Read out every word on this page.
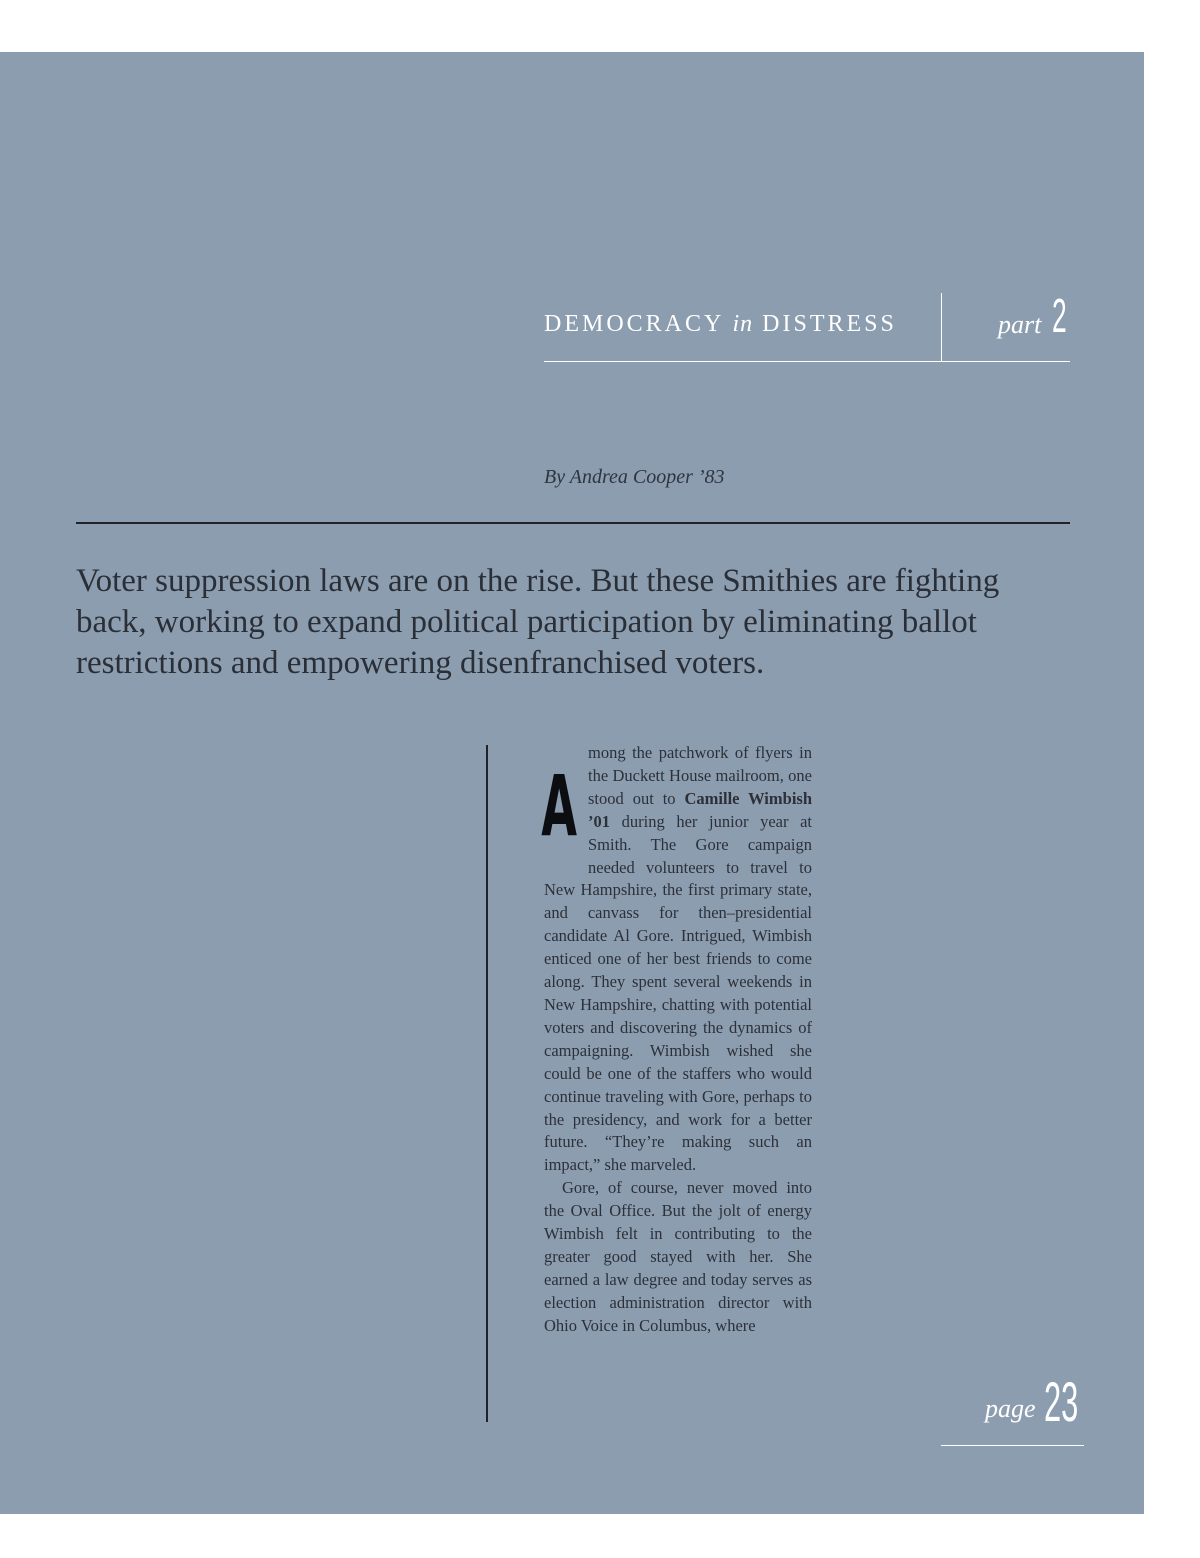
DEMOCRACY in DISTRESS	part 2
By Andrea Cooper ’83
Voter suppression laws are on the rise. But these Smithies are fighting back, working to expand political participation by eliminating ballot restrictions and empowering disenfranchised voters.

A
mong the patchwork of flyers in the Duckett House mailroom, one stood out to Camille Wimbish ’01 during her junior year at Smith. The Gore campaign needed volunteers to travel to New Hampshire, the first primary state, and canvass for then–presidential candidate Al Gore. Intrigued, Wimbish enticed one of her best friends to come along. They spent several weekends in New Hampshire, chatting with potential voters and discovering the dynamics of campaigning. Wimbish wished she could be one of the staffers who would continue traveling with Gore, perhaps to the presidency, and work for a better future. “They’re making such an impact,” she marveled.

Gore, of course, never moved into the Oval Office. But the jolt of energy Wimbish felt in contributing to the greater good stayed with her. She earned a law degree and today serves as election administration director with Ohio Voice in Columbus, where

page 23
